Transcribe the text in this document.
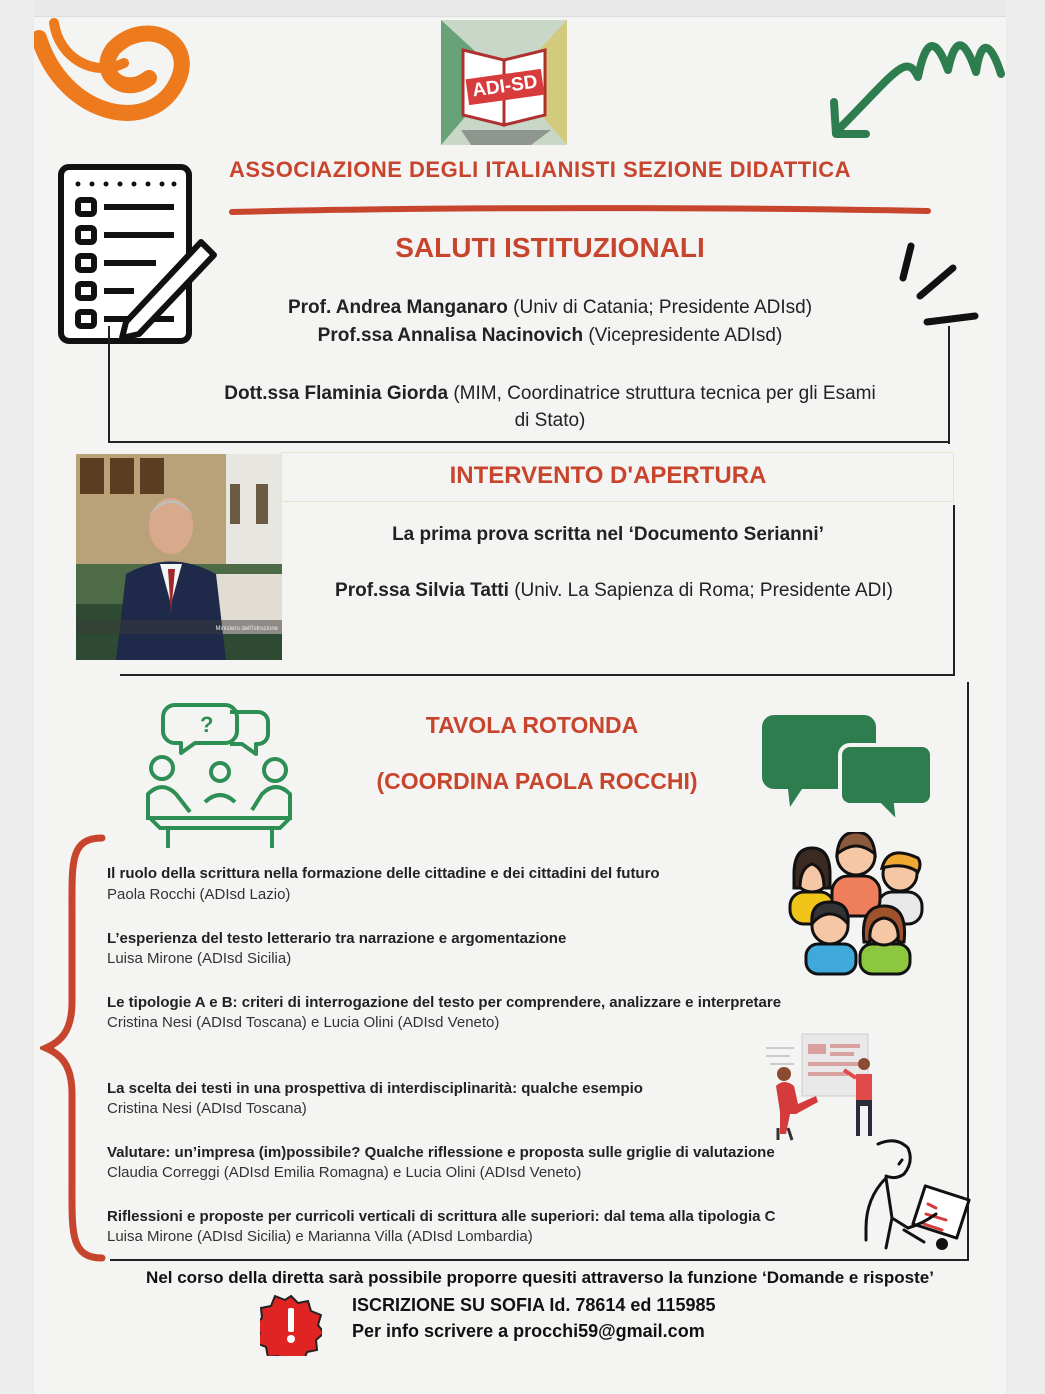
ADI-SD
ASSOCIAZIONE DEGLI ITALIANISTI SEZIONE DIDATTICA
SALUTI ISTITUZIONALI
Prof. Andrea Manganaro (Univ di Catania; Presidente ADIsd)
Prof.ssa Annalisa Nacinovich (Vicepresidente ADIsd)
Dott.ssa Flaminia Giorda (MIM, Coordinatrice struttura tecnica per gli Esami
di Stato)
Ministero dell'Istruzione
INTERVENTO D'APERTURA
La prima prova scritta nel ‘Documento Serianni’
Prof.ssa Silvia Tatti (Univ. La Sapienza di Roma; Presidente ADI)
?	TAVOLA ROTONDA
(COORDINA PAOLA ROCCHI)
Il ruolo della scrittura nella formazione delle cittadine e dei cittadini del futuro
Paola Rocchi (ADIsd Lazio)
L’esperienza del testo letterario tra narrazione e argomentazione
Luisa Mirone (ADIsd Sicilia)
Le tipologie A e B: criteri di interrogazione del testo per comprendere, analizzare e interpretare
Cristina Nesi (ADIsd Toscana) e Lucia Olini (ADIsd Veneto)
La scelta dei testi in una prospettiva di interdisciplinarità: qualche esempio
Cristina Nesi (ADIsd Toscana)
Valutare: un’impresa (im)possibile? Qualche riflessione e proposta sulle griglie di valutazione
Claudia Correggi (ADIsd Emilia Romagna) e Lucia Olini (ADIsd Veneto)
Riflessioni e proposte per curricoli verticali di scrittura alle superiori: dal tema alla tipologia C
Luisa Mirone (ADIsd Sicilia) e Marianna Villa (ADIsd Lombardia)
Nel corso della diretta sarà possibile proporre quesiti attraverso la funzione ‘Domande e risposte’
ISCRIZIONE SU SOFIA Id. 78614 ed 115985
Per info scrivere a procchi59@gmail.com
